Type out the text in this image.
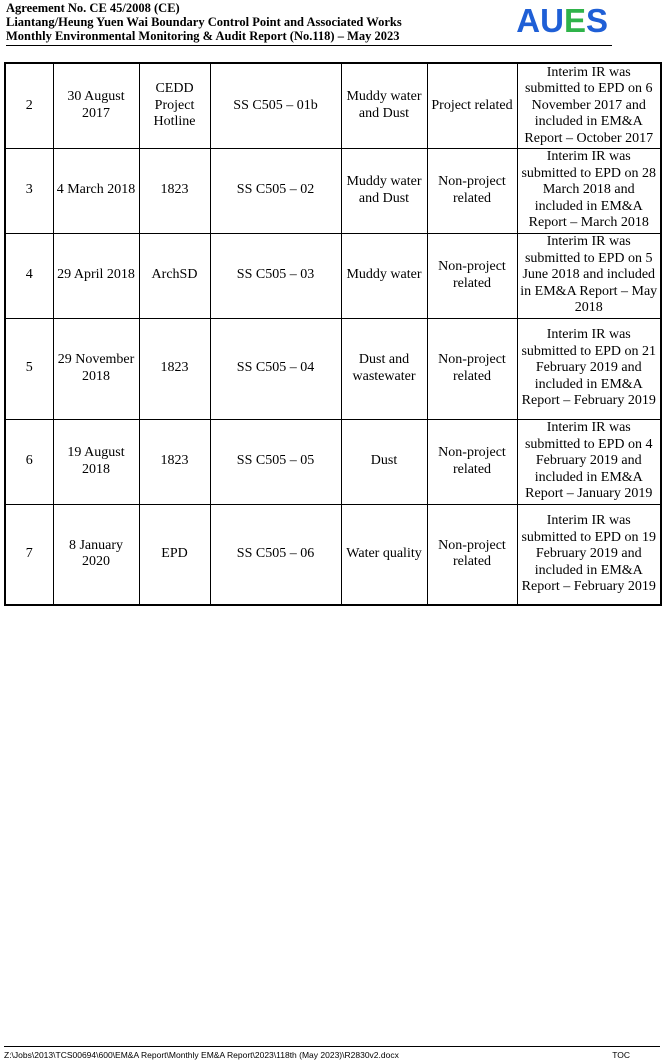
Agreement No. CE 45/2008 (CE)
Liantang/Heung Yuen Wai Boundary Control Point and Associated Works
Monthly Environmental Monitoring & Audit Report (No.118) – May 2023	AUES
2	30 August 2017	CEDD Project Hotline	SS C505 – 01b	Muddy water and Dust	Project related	Interim IR was submitted to EPD on 6 November 2017 and included in EM&A Report – October 2017
3	4 March 2018	1823	SS C505 – 02	Muddy water and Dust	Non-project related	Interim IR was submitted to EPD on 28 March 2018 and included in EM&A Report – March 2018
4	29 April 2018	ArchSD	SS C505 – 03	Muddy water	Non-project related	Interim IR was submitted to EPD on 5 June 2018 and included in EM&A Report – May 2018
5	29 November 2018	1823	SS C505 – 04	Dust and wastewater	Non-project related	Interim IR was submitted to EPD on 21 February 2019 and included in EM&A Report – February 2019
6	19 August 2018	1823	SS C505 – 05	Dust	Non-project related	Interim IR was submitted to EPD on 4 February 2019 and included in EM&A Report – January 2019
7	8 January 2020	EPD	SS C505 – 06	Water quality	Non-project related	Interim IR was submitted to EPD on 19 February 2019 and included in EM&A Report – February 2019
Z:\Jobs\2013\TCS00694\600\EM&A Report\Monthly EM&A Report\2023\118th (May 2023)\R2830v2.docx	TOC
